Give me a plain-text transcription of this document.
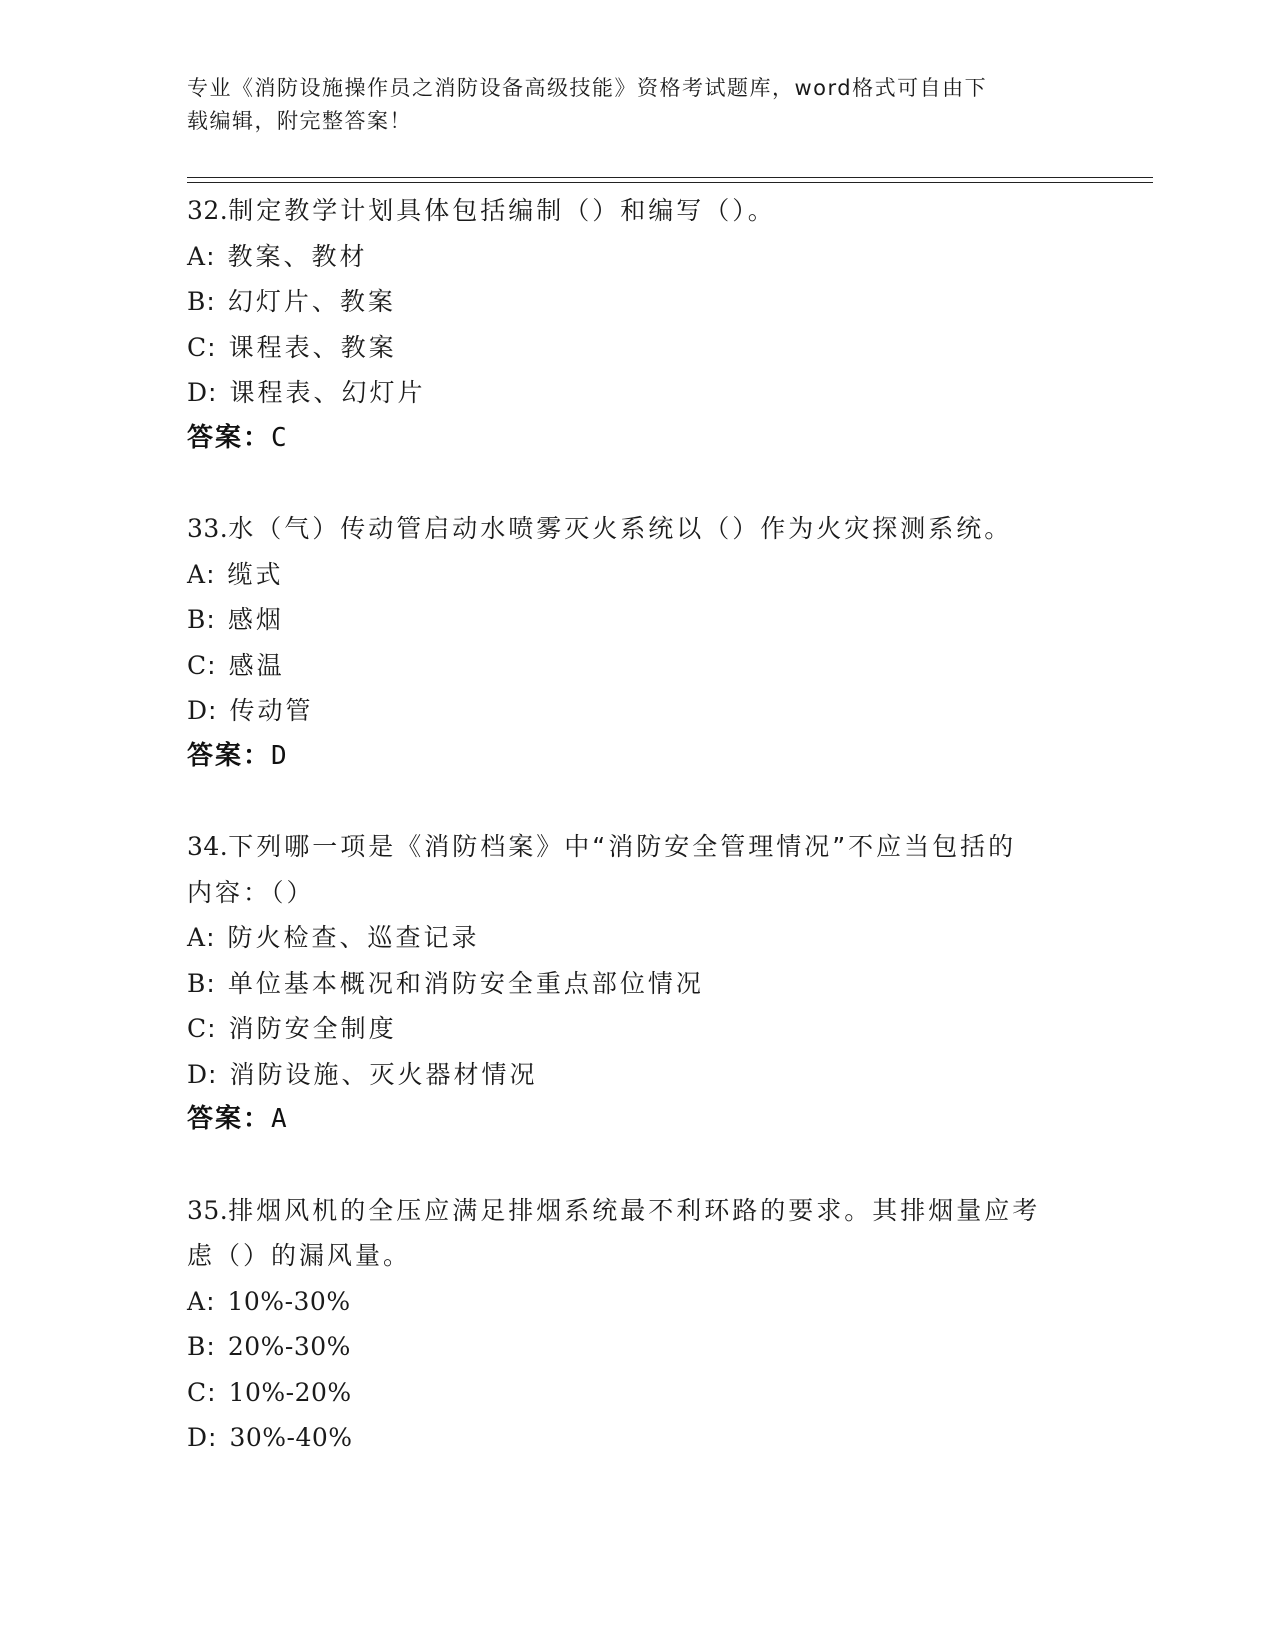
专业《消防设施操作员之消防设备高级技能》资格考试题库，word格式可自由下
载编辑，附完整答案！
32.制定教学计划具体包括编制（）和编写（）。
A: 教案、教材
B: 幻灯片、教案
C: 课程表、教案
D: 课程表、幻灯片
答案：C
33.水（气）传动管启动水喷雾灭火系统以（）作为火灾探测系统。
A: 缆式
B: 感烟
C: 感温
D: 传动管
答案：D
34.下列哪一项是《消防档案》中“消防安全管理情况”不应当包括的
内容：（）
A: 防火检查、巡查记录
B: 单位基本概况和消防安全重点部位情况
C: 消防安全制度
D: 消防设施、灭火器材情况
答案：A
35.排烟风机的全压应满足排烟系统最不利环路的要求。其排烟量应考
虑（）的漏风量。
A: 10%-30%
B: 20%-30%
C: 10%-20%
D: 30%-40%
